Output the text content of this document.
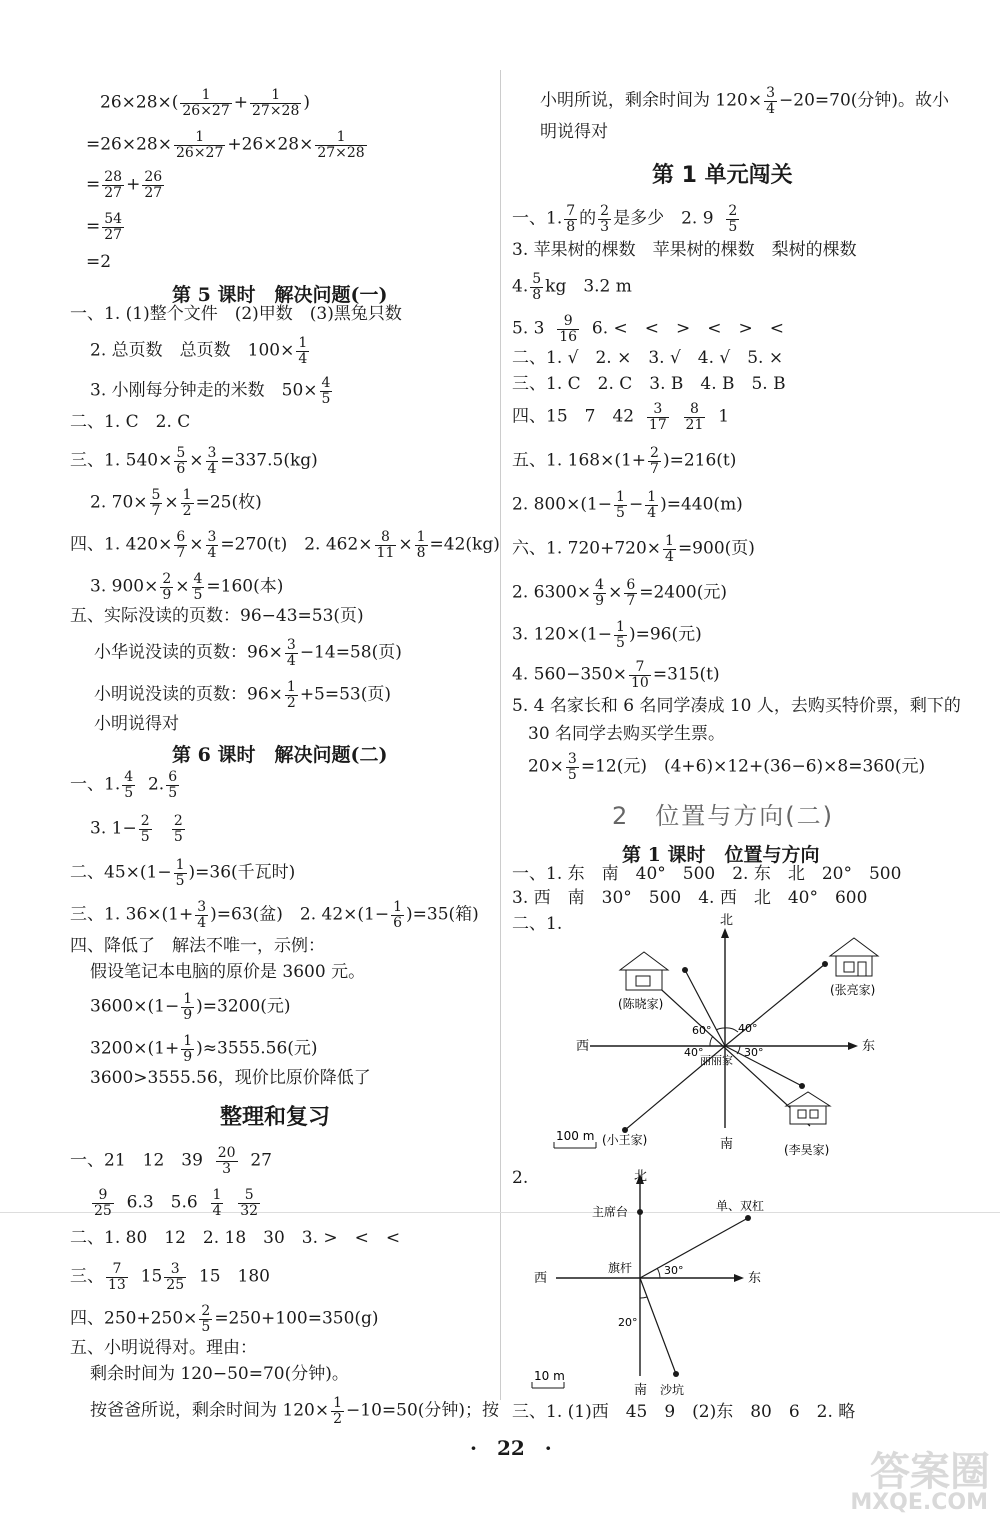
$26\times 28\times( \frac{1}{26\times 27} + \frac{1}{27\times 28}$ )
$=26\times 28\times \frac{1}{26\times 27} +26\times 28\times \frac{1}{27\times 28}$
= $\frac{28}{27} + \frac{26}{27}$
= $\frac{54}{27}$
=2
第 5 课时　解决问题(一)
一、1. (1)整个文件　(2)甲数　(3)黑兔只数
2. 总页数　总页数　$100\times \frac{1}{4}$
3. 小刚每分钟走的米数　$50\times \frac{4}{5}$
二、1. C　2. C
三、1. $540\times \frac{5}{6} \times \frac{3}{4} =337.5(kg)$
2. $70\times \frac{5}{7} \times \frac{1}{2} =25$(枚)
四、1. $420\times \frac{6}{7} \times \frac{3}{4} =270(t)$　2. $462\times \frac{8}{11} \times \frac{1}{8} =42(kg)$
3. $900\times \frac{2}{9} \times \frac{4}{5} =160$(本)
五、实际没读的页数：96−43=53(页)
小华说没读的页数：$96\times \frac{3}{4} -14=58$(页)
小明说没读的页数：$96\times \frac{1}{2} +5=53$(页)
小明说得对
第 6 课时　解决问题(二)
一、1. $\frac{4}{5} 2$. $\frac{6}{5}$
3. $1- \frac{2}{5}$
$\frac{2}{5}$
二、$45\times(1- \frac{1}{5} )=36$(千瓦时)
三、1. $36\times(1+ \frac{3}{4} )=63$(盆)　2. $42\times(1- \frac{1}{6} )=35$(箱)
四、降低了　解法不唯一，示例：
假设笔记本电脑的原价是 3600 元。
$3600\times(1- \frac{1}{9} )=3200$(元)
$3200\times(1+ \frac{1}{9} )\approx 3555.56$(元)
3600>3555.56，现价比原价降低了
整理和复习
一、21　12　$39 \frac{20}{3} 27$
$\frac{9}{25} 6.3$　$5.6 \frac{1}{4}$
$\frac{5}{32}$
二、1. 80　12　2. 18　30　3. >　<　<
三、 $\frac{7}{13} 15 \frac{3}{25} 15$　180
四、$250+250\times \frac{2}{5} =250+100=350(g)$
五、小明说得对。理由：
剩余时间为 120−50=70(分钟)。
按爸爸所说，剩余时间为 $120\times \frac{1}{2} -10=50$(分钟)；按
小明所说，剩余时间为 $120\times \frac{3}{4} -20=70$(分钟)。故小
明说得对
第 1 单元闯关
一、1. $\frac{7}{8}$ 的 $\frac{2}{3}$ 是多少　2. $9 \frac{2}{5}$
3. 苹果树的棵数　苹果树的棵数　梨树的棵数
4. $\frac{5}{8}$ kg　3.2 m
5. $3 \frac{9}{16} 6$. <　<　>　<　>　<
二、1. √　2. ×　3. √　4. √　5. ×
三、1. C　2. C　3. B　4. B　5. B
四、15　7　$42 \frac{3}{17}$
$\frac{8}{21} 1$
五、1. $168\times(1+ \frac{2}{7} )=216(t)$
2. $800\times(1- \frac{1}{5} - \frac{1}{4} )=440(m)$
六、1. $720+720\times \frac{1}{4} =900$(页)
2. $6300\times \frac{4}{9} \times \frac{6}{7} =2400$(元)
3. $120\times(1- \frac{1}{5} )=96$(元)
4. $560-350\times \frac{7}{10} =315(t)$
5. 4 名家长和 6 名同学凑成 10 人，去购买特价票，剩下的
30 名同学去购买学生票。
$20\times \frac{3}{5} =12$(元)　(4+6)×12+(36−6)×8=360(元)
2　位置与方向(二)
第 1 课时　位置与方向
一、1. 东　南　40°　500　2. 东　北　20°　500
3. 西　南　30°　500　4. 西　北　40°　600
二、1.	北
南
东
西
丽丽家
60° 40°
40°	30°
(陈晓家)
(张亮家)
(小王家)
(李昊家)
100 m
2.	北
南
东
西
旗杆
主席台	单、双杠
沙坑
30°
20°
10 m
三、1. (1)西　45　9　(2)东　80　6　2. 略
·　22　·
答案圈
MXQE.COM
